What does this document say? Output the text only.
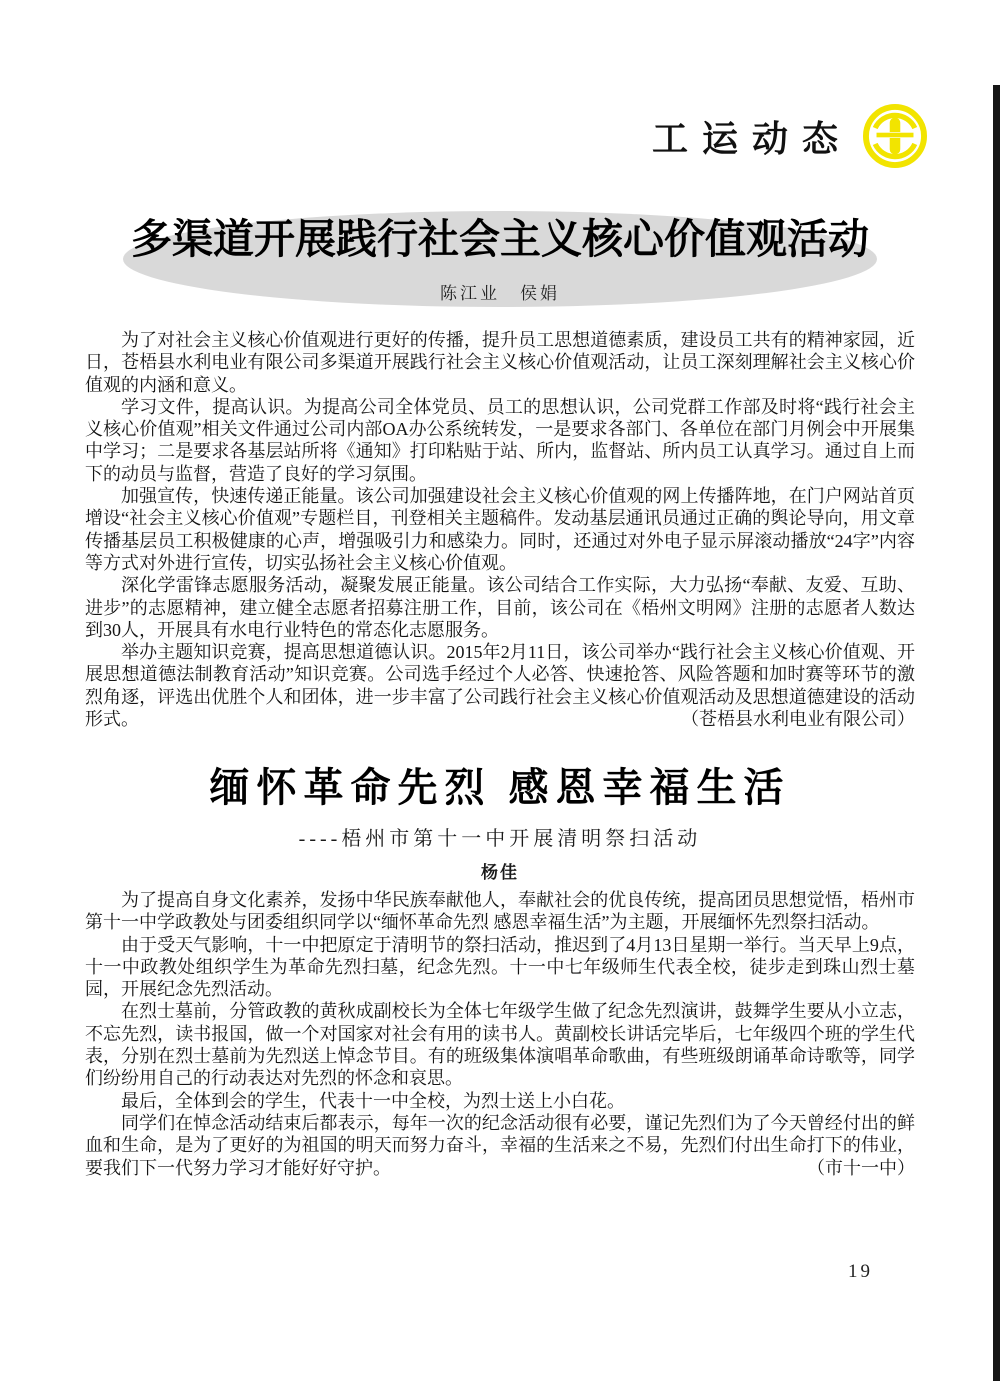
工运动态
多渠道开展践行社会主义核心价值观活动
陈江业　侯娟

为了对社会主义核心价值观进行更好的传播，提升员工思想道德素质，建设员工共有的精神家园，近日，苍梧县水利电业有限公司多渠道开展践行社会主义核心价值观活动，让员工深刻理解社会主义核心价值观的内涵和意义。

学习文件，提高认识。为提高公司全体党员、员工的思想认识，公司党群工作部及时将“践行社会主义核心价值观”相关文件通过公司内部OA办公系统转发，一是要求各部门、各单位在部门月例会中开展集中学习；二是要求各基层站所将《通知》打印粘贴于站、所内，监督站、所内员工认真学习。通过自上而下的动员与监督，营造了良好的学习氛围。

加强宣传，快速传递正能量。该公司加强建设社会主义核心价值观的网上传播阵地，在门户网站首页增设“社会主义核心价值观”专题栏目，刊登相关主题稿件。发动基层通讯员通过正确的舆论导向，用文章传播基层员工积极健康的心声，增强吸引力和感染力。同时，还通过对外电子显示屏滚动播放“24字”内容等方式对外进行宣传，切实弘扬社会主义核心价值观。

深化学雷锋志愿服务活动，凝聚发展正能量。该公司结合工作实际，大力弘扬“奉献、友爱、互助、进步”的志愿精神，建立健全志愿者招募注册工作，目前，该公司在《梧州文明网》注册的志愿者人数达到30人，开展具有水电行业特色的常态化志愿服务。

举办主题知识竞赛，提高思想道德认识。2015年2月11日，该公司举办“践行社会主义核心价值观、开展思想道德法制教育活动”知识竞赛。公司选手经过个人必答、快速抢答、风险答题和加时赛等环节的激烈角逐，评选出优胜个人和团体，进一步丰富了公司践行社会主义核心价值观活动及思想道德建设的活动形式。	（苍梧县水利电业有限公司）
缅怀革命先烈 感恩幸福生活
----梧州市第十一中开展清明祭扫活动
杨佳

为了提高自身文化素养，发扬中华民族奉献他人，奉献社会的优良传统，提高团员思想觉悟，梧州市第十一中学政教处与团委组织同学以“缅怀革命先烈 感恩幸福生活”为主题，开展缅怀先烈祭扫活动。

由于受天气影响，十一中把原定于清明节的祭扫活动，推迟到了4月13日星期一举行。当天早上9点，十一中政教处组织学生为革命先烈扫墓，纪念先烈。十一中七年级师生代表全校，徒步走到珠山烈士墓园，开展纪念先烈活动。

在烈士墓前，分管政教的黄秋成副校长为全体七年级学生做了纪念先烈演讲，鼓舞学生要从小立志，不忘先烈，读书报国，做一个对国家对社会有用的读书人。黄副校长讲话完毕后，七年级四个班的学生代表，分别在烈士墓前为先烈送上悼念节目。有的班级集体演唱革命歌曲，有些班级朗诵革命诗歌等，同学们纷纷用自己的行动表达对先烈的怀念和哀思。

最后，全体到会的学生，代表十一中全校，为烈士送上小白花。

同学们在悼念活动结束后都表示，每年一次的纪念活动很有必要，谨记先烈们为了今天曾经付出的鲜血和生命，是为了更好的为祖国的明天而努力奋斗，幸福的生活来之不易，先烈们付出生命打下的伟业，要我们下一代努力学习才能好好守护。	（市十一中）
19
